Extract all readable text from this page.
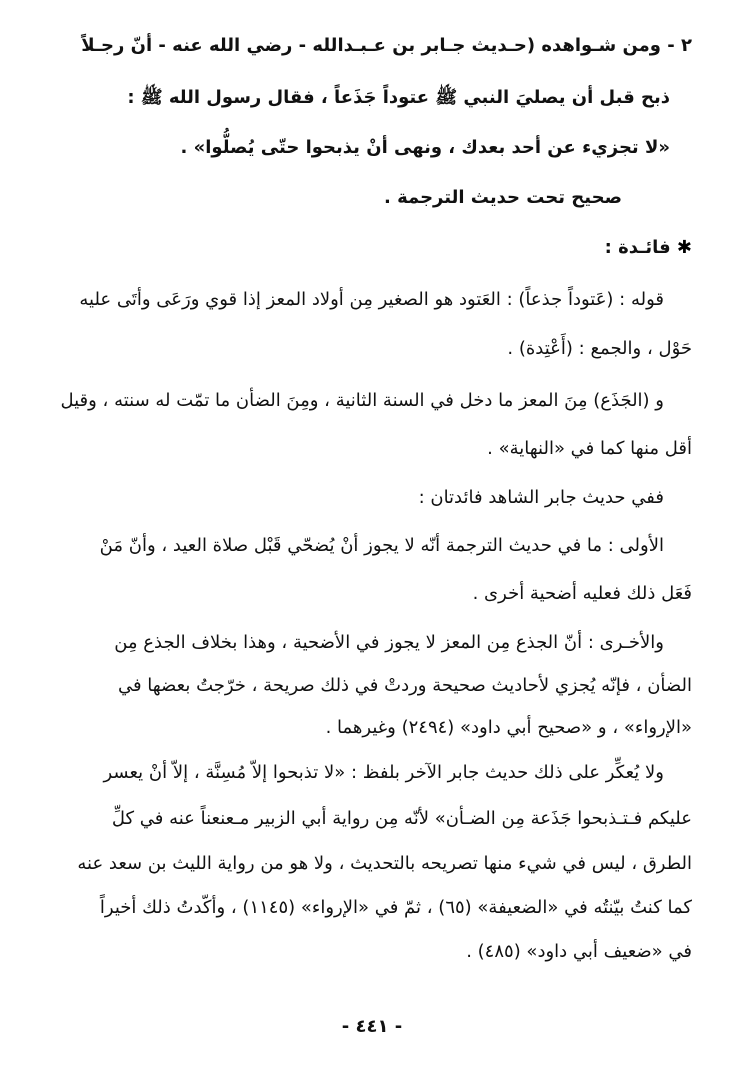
٢ - ومن شـواهده (حـديث جـابر بن عـبـدالله - رضي الله عنه - أنّ رجـلاً
ذبح قبل أن يصليَ النبي ﷺ عتوداً جَذَعاً ، فقال رسول الله ﷺ :
«لا تجزيء عن أحد بعدك ، ونهى أنْ يذبحوا حتّى يُصلُّوا» .
صحيح تحت حديث الترجمة .
✱ فائـدة :
قوله : (عَتوداً جذعاً) : العَتود هو الصغير مِن أولاد المعز إذا قوي ورَعَى وأتَى عليه
حَوْل ، والجمع : (أَعْتِدة) .
و (الجَذَع) مِنَ المعز ما دخل في السنة الثانية ، ومِنَ الضأن ما تمّت له سنته ، وقيل
أقل منها كما في «النهاية» .
ففي حديث جابر الشاهد فائدتان :
الأولى : ما في حديث الترجمة أنّه لا يجوز أنْ يُضحّي قَبْل صلاة العيد ، وأنّ مَنْ
فَعَل ذلك فعليه أضحية أخرى .
والأخـرى : أنّ الجذع مِن المعز لا يجوز في الأضحية ، وهذا بخلاف الجذع مِن
الضأن ، فإنّه يُجزي لأحاديث صحيحة وردتْ في ذلك صريحة ، خرّجتُ بعضها في
«الإرواء» ، و «صحيح أبي داود» (٢٤٩٤) وغيرهما .
ولا يُعكِّر على ذلك حديث جابر الآخر بلفظ : «لا تذبحوا إلاّ مُسِنَّة ، إلاّ أنْ يعسر
عليكم فـتـذبحوا جَذَعة مِن الضـأن» لأنّه مِن رواية أبي الزبير مـعنعناً عنه في كلِّ
الطرق ، ليس في شيء منها تصريحه بالتحديث ، ولا هو من رواية الليث بن سعد عنه
كما كنتُ بيّنتُه في «الضعيفة» (٦٥) ، ثمّ في «الإرواء» (١١٤٥) ، وأكّدتُ ذلك أخيراً
في «ضعيف أبي داود» (٤٨٥) .
- ٤٤١ -
